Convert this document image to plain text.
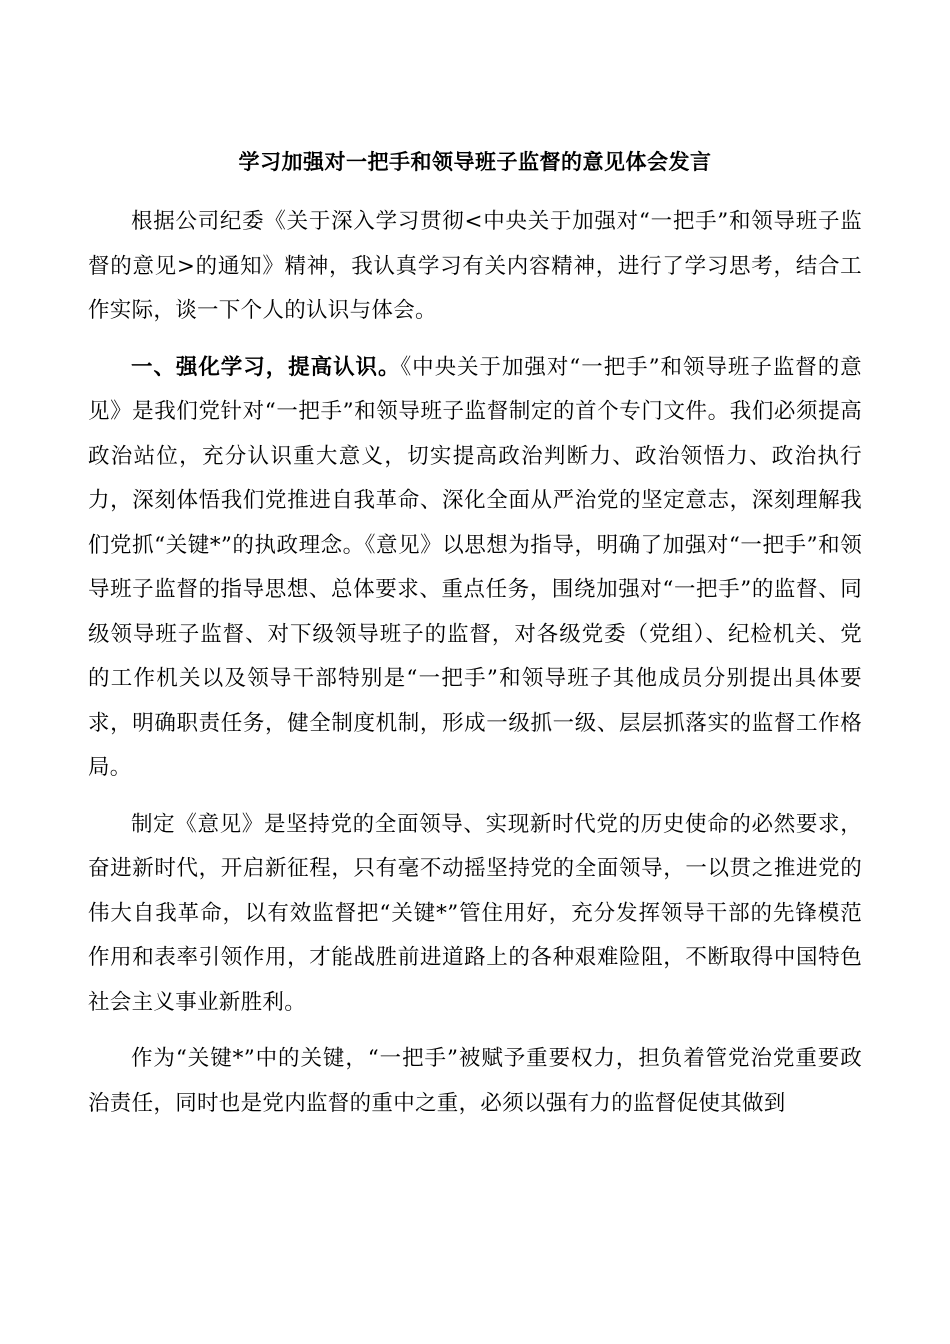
学习加强对一把手和领导班子监督的意见体会发言

根据公司纪委《关于深入学习贯彻<中央关于加强对“一把手”和领导班子监督的意见>的通知》精神，我认真学习有关内容精神，进行了学习思考，结合工作实际，谈一下个人的认识与体会。

一、强化学习，提高认识。《中央关于加强对“一把手”和领导班子监督的意见》是我们党针对“一把手”和领导班子监督制定的首个专门文件。我们必须提高政治站位，充分认识重大意义，切实提高政治判断力、政治领悟力、政治执行力，深刻体悟我们党推进自我革命、深化全面从严治党的坚定意志，深刻理解我们党抓“关键*”的执政理念。《意见》以思想为指导，明确了加强对“一把手”和领导班子监督的指导思想、总体要求、重点任务，围绕加强对“一把手”的监督、同级领导班子监督、对下级领导班子的监督，对各级党委（党组）、纪检机关、党的工作机关以及领导干部特别是“一把手”和领导班子其他成员分别提出具体要求，明确职责任务，健全制度机制，形成一级抓一级、层层抓落实的监督工作格局。

制定《意见》是坚持党的全面领导、实现新时代党的历史使命的必然要求，奋进新时代，开启新征程，只有毫不动摇坚持党的全面领导，一以贯之推进党的伟大自我革命，以有效监督把“关键*”管住用好，充分发挥领导干部的先锋模范作用和表率引领作用，才能战胜前进道路上的各种艰难险阻，不断取得中国特色社会主义事业新胜利。

作为“关键*”中的关键，“一把手”被赋予重要权力，担负着管党治党重要政治责任，同时也是党内监督的重中之重，必须以强有力的监督促使其做到
